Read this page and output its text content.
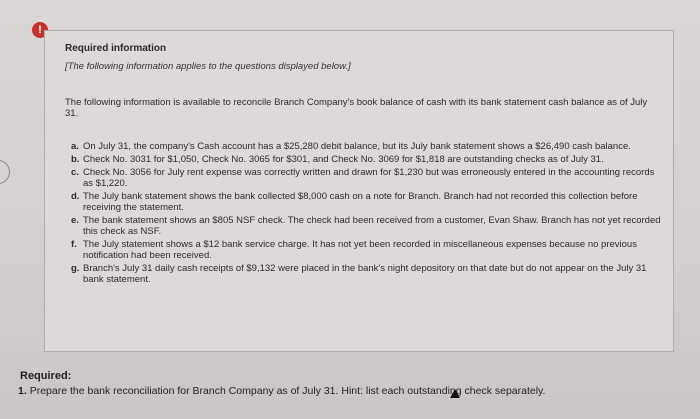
!
Required information
[The following information applies to the questions displayed below.]
The following information is available to reconcile Branch Company's book balance of cash with its bank statement cash balance as of July 31.
a. On July 31, the company's Cash account has a $25,280 debit balance, but its July bank statement shows a $26,490 cash balance.
b. Check No. 3031 for $1,050, Check No. 3065 for $301, and Check No. 3069 for $1,818 are outstanding checks as of July 31.
c. Check No. 3056 for July rent expense was correctly written and drawn for $1,230 but was erroneously entered in the accounting records as $1,220.
d. The July bank statement shows the bank collected $8,000 cash on a note for Branch. Branch had not recorded this collection before receiving the statement.
e. The bank statement shows an $805 NSF check. The check had been received from a customer, Evan Shaw. Branch has not yet recorded this check as NSF.
f. The July statement shows a $12 bank service charge. It has not yet been recorded in miscellaneous expenses because no previous notification had been received.
g. Branch's July 31 daily cash receipts of $9,132 were placed in the bank's night depository on that date but do not appear on the July 31 bank statement.
Required:
1. Prepare the bank reconciliation for Branch Company as of July 31. Hint: list each outstanding check separately.
